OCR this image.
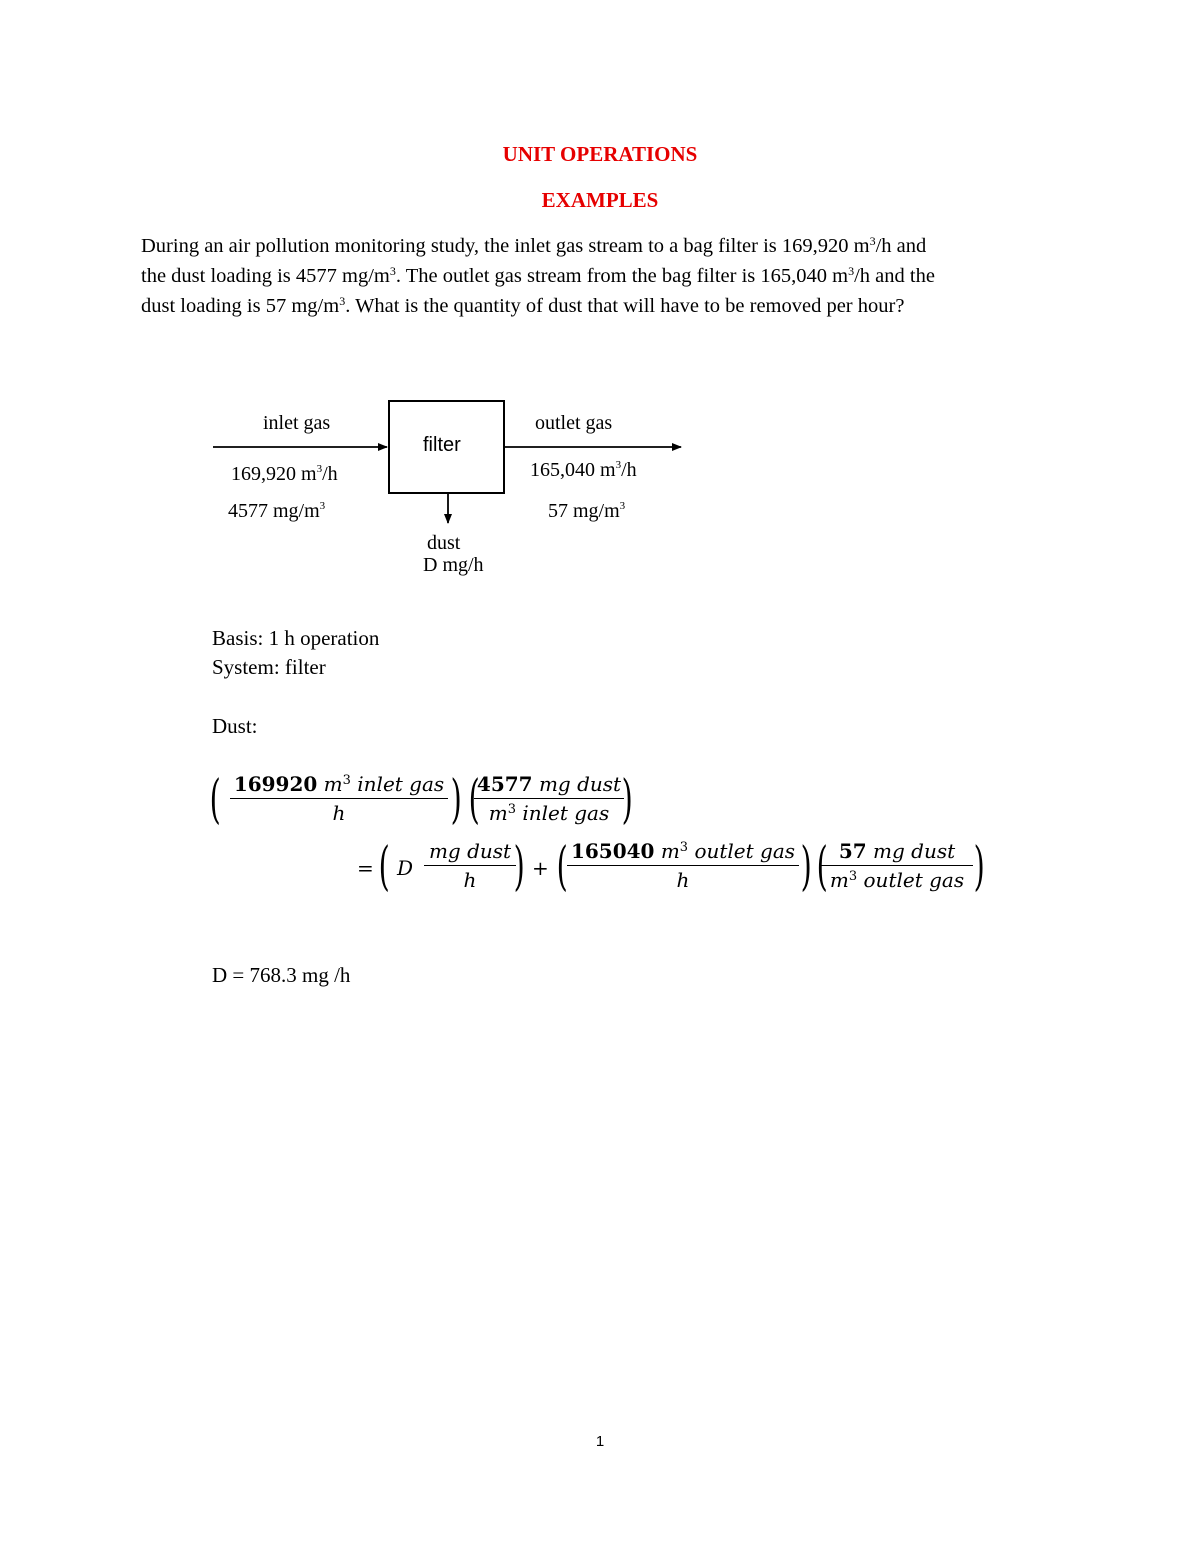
UNIT OPERATIONS
EXAMPLES
During an air pollution monitoring study, the inlet gas stream to a bag filter is 169,920 $m^3/h$ and
the dust loading is 4577 $mg/m^3$. The outlet gas stream from the bag filter is 165,040 $m^3/h$ and the
dust loading is 57 $mg/m^3$. What is the quantity of dust that will have to be removed per hour?
filter
inlet gas
169,920 $m^3/h$
4577 $mg/m^3$
outlet gas
165,040 $m^3/h$
57 $mg/m^3$
dust
D mg/h
Basis: 1 h operation
System: filter
Dust:
( 169920 $m^3$ inlet gas
h	) (
4577 mg dust
$m^3$ inlet gas )
= ( D
mg dust
h ) + ( 165040 $m^3$ outlet gas
h	) ( 57 mg dust
$m^3$ outlet gas )
D = 768.3 mg /h
1
